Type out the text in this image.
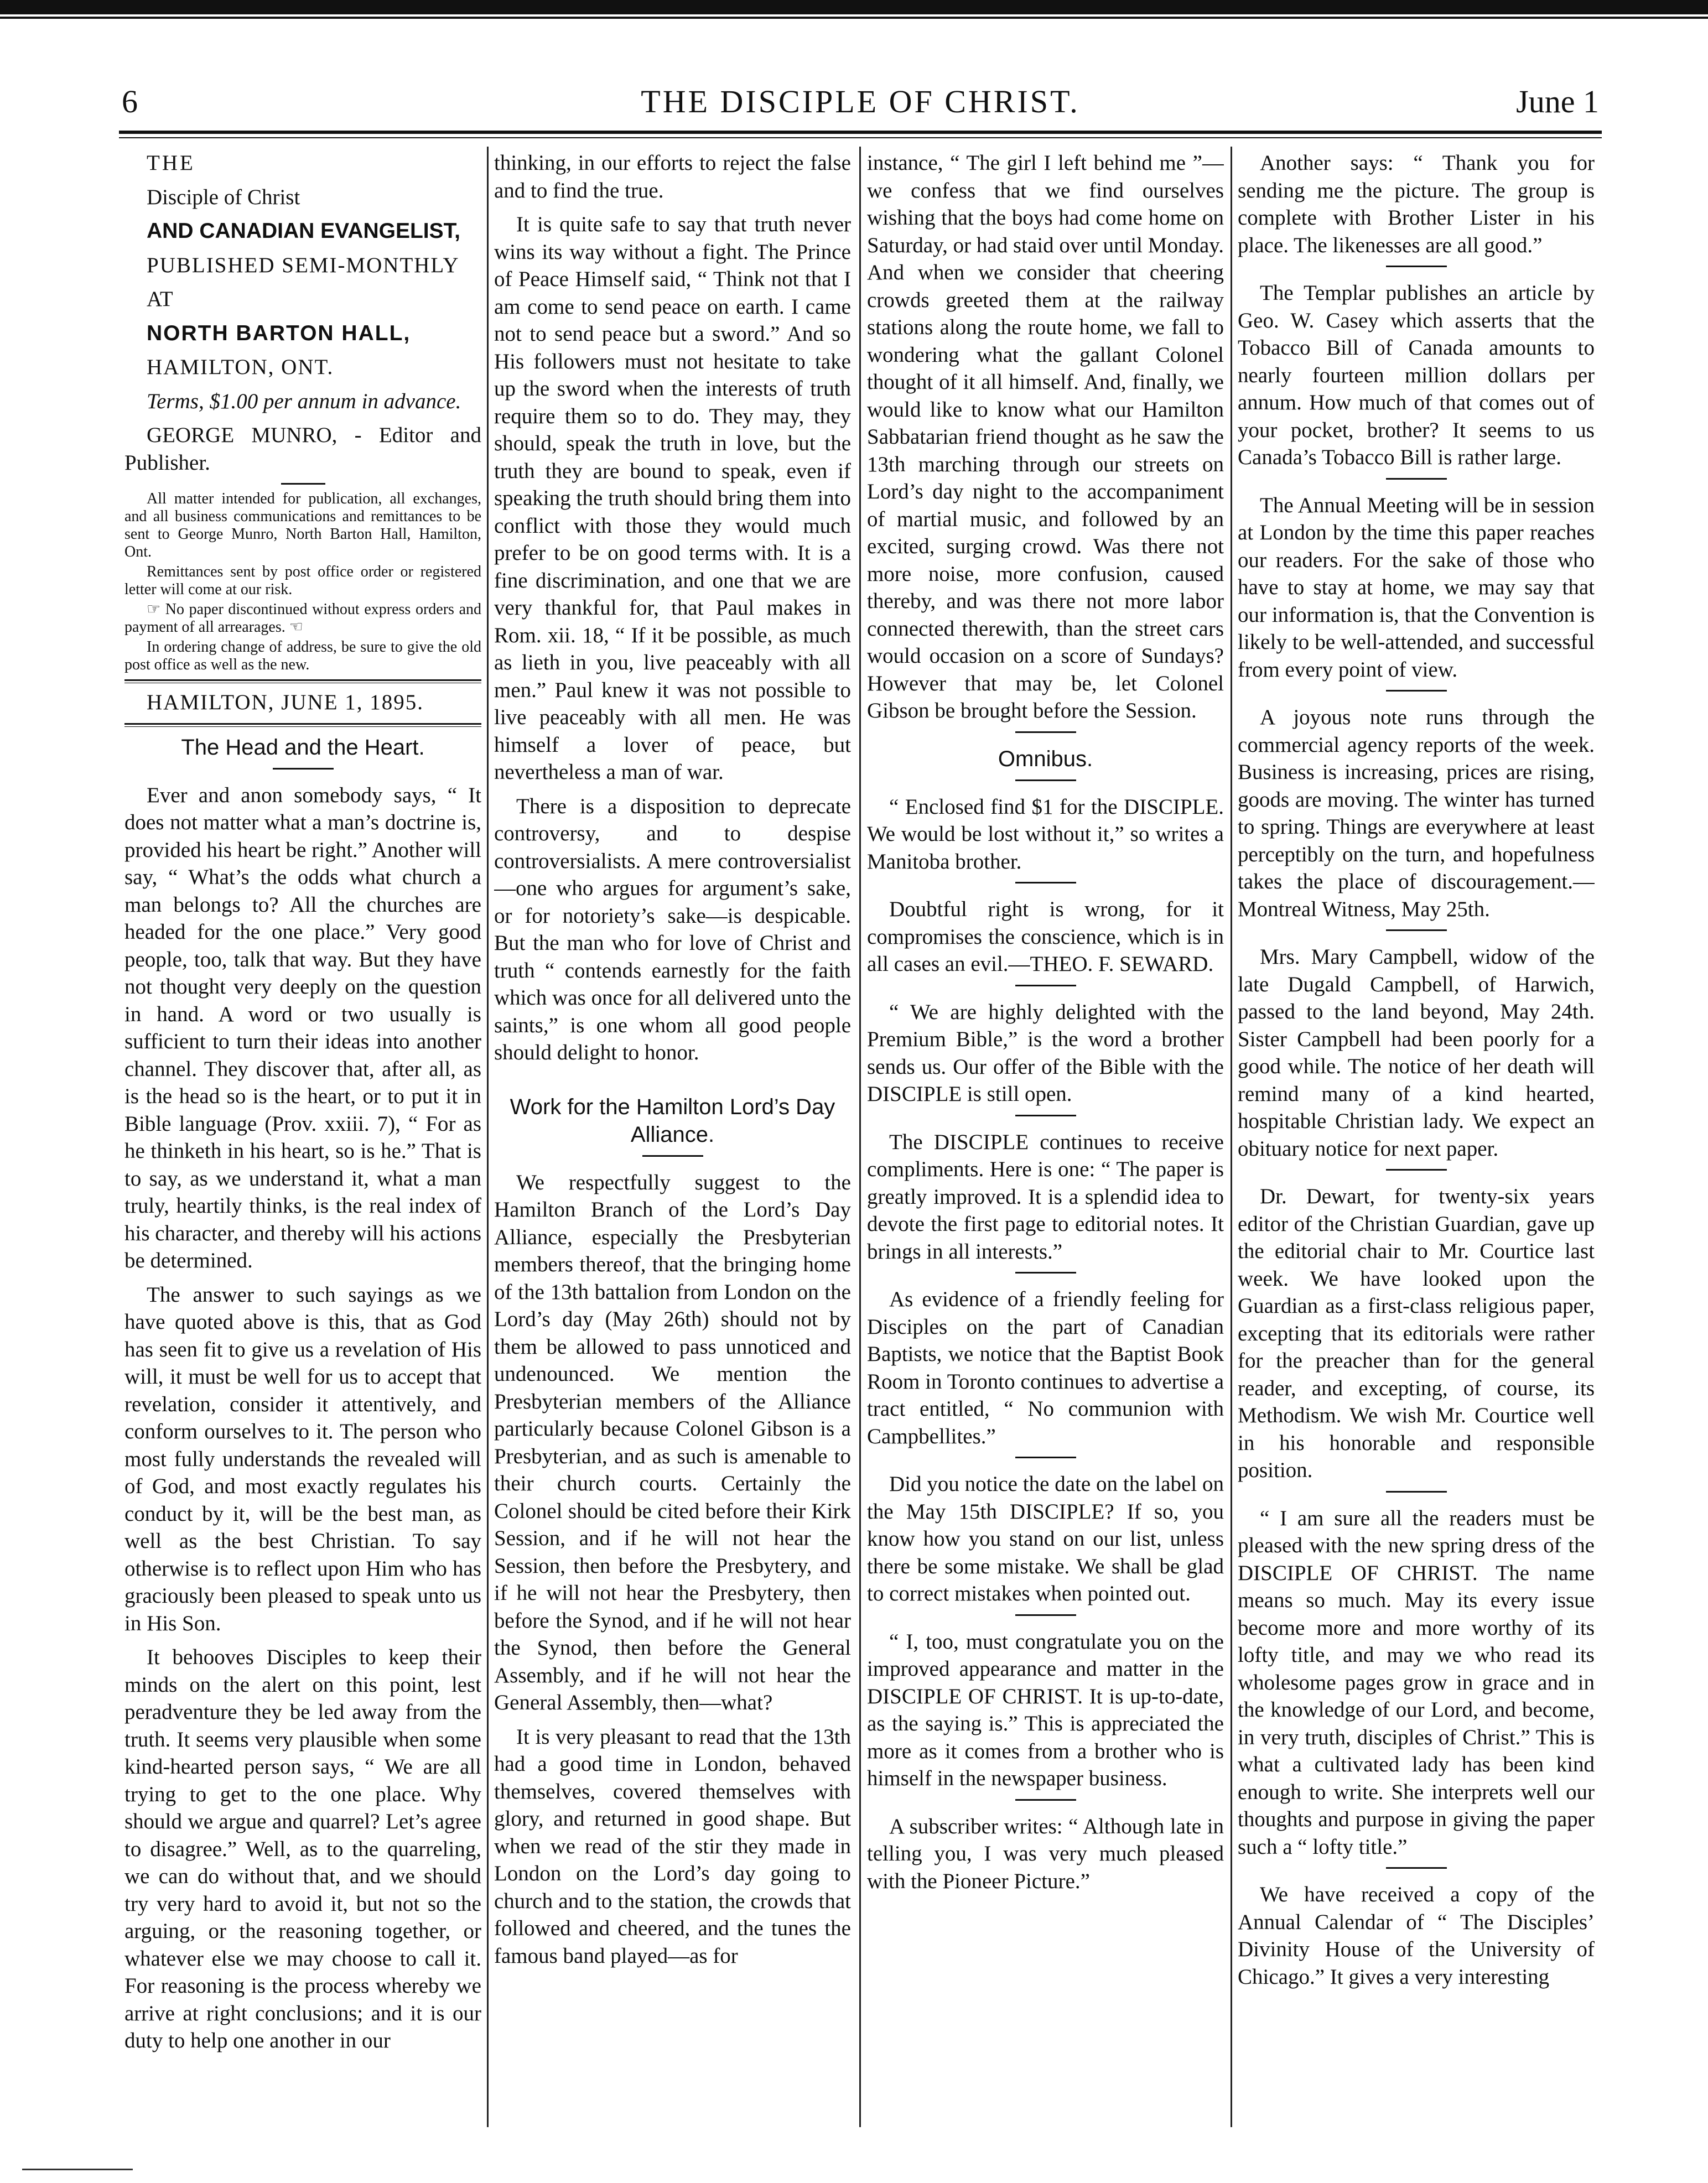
6	THE DISCIPLE OF CHRIST.	June 1

THE

Disciple of Christ

AND CANADIAN EVANGELIST,

PUBLISHED SEMI-MONTHLY

AT

NORTH BARTON HALL,

HAMILTON, ONT.

Terms, $1.00 per annum in advance.

GEORGE MUNRO, - Editor and Publisher.

All matter intended for publication, all exchanges, and all business communications and remittances to be sent to George Munro, North Barton Hall, Hamilton, Ont.

Remittances sent by post office order or registered letter will come at our risk.

☞ No paper discontinued without express orders and payment of all arrearages. ☜

In ordering change of address, be sure to give the old post office as well as the new.

HAMILTON, JUNE 1, 1895.

The Head and the Heart.

Ever and anon somebody says, “ It does not matter what a man’s doctrine is, provided his heart be right.” Another will say, “ What’s the odds what church a man belongs to? All the churches are headed for the one place.” Very good people, too, talk that way. But they have not thought very deeply on the question in hand. A word or two usually is sufficient to turn their ideas into another channel. They discover that, after all, as is the head so is the heart, or to put it in Bible language (Prov. xxiii. 7), “ For as he thinketh in his heart, so is he.” That is to say, as we understand it, what a man truly, heartily thinks, is the real index of his character, and thereby will his actions be determined.

The answer to such sayings as we have quoted above is this, that as God has seen fit to give us a revelation of His will, it must be well for us to accept that revelation, consider it attentively, and conform ourselves to it. The person who most fully understands the revealed will of God, and most exactly regulates his conduct by it, will be the best man, as well as the best Christian. To say otherwise is to reflect upon Him who has graciously been pleased to speak unto us in His Son.

It behooves Disciples to keep their minds on the alert on this point, lest peradventure they be led away from the truth. It seems very plausible when some kind-hearted person says, “ We are all trying to get to the one place. Why should we argue and quarrel? Let’s agree to disagree.” Well, as to the quarreling, we can do without that, and we should try very hard to avoid it, but not so the arguing, or the reasoning together, or whatever else we may choose to call it. For reasoning is the process whereby we arrive at right conclusions; and it is our duty to help one another in our

thinking, in our efforts to reject the false and to find the true.

It is quite safe to say that truth never wins its way without a fight. The Prince of Peace Himself said, “ Think not that I am come to send peace on earth. I came not to send peace but a sword.” And so His followers must not hesitate to take up the sword when the interests of truth require them so to do. They may, they should, speak the truth in love, but the truth they are bound to speak, even if speaking the truth should bring them into conflict with those they would much prefer to be on good terms with. It is a fine discrimination, and one that we are very thankful for, that Paul makes in Rom. xii. 18, “ If it be possible, as much as lieth in you, live peaceably with all men.” Paul knew it was not possible to live peaceably with all men. He was himself a lover of peace, but nevertheless a man of war.

There is a disposition to deprecate controversy, and to despise controversialists. A mere controversialist—one who argues for argument’s sake, or for notoriety’s sake—is despicable. But the man who for love of Christ and truth “ contends earnestly for the faith which was once for all delivered unto the saints,” is one whom all good people should delight to honor.

Work for the Hamilton Lord’s Day Alliance.

We respectfully suggest to the Hamilton Branch of the Lord’s Day Alliance, especially the Presbyterian members thereof, that the bringing home of the 13th battalion from London on the Lord’s day (May 26th) should not by them be allowed to pass unnoticed and undenounced. We mention the Presbyterian members of the Alliance particularly because Colonel Gibson is a Presbyterian, and as such is amenable to their church courts. Certainly the Colonel should be cited before their Kirk Session, and if he will not hear the Session, then before the Presbytery, and if he will not hear the Presbytery, then before the Synod, and if he will not hear the Synod, then before the General Assembly, and if he will not hear the General Assembly, then—what?

It is very pleasant to read that the 13th had a good time in London, behaved themselves, covered themselves with glory, and returned in good shape. But when we read of the stir they made in London on the Lord’s day going to church and to the station, the crowds that followed and cheered, and the tunes the famous band played—as for

instance, “ The girl I left behind me ”— we confess that we find ourselves wishing that the boys had come home on Saturday, or had staid over until Monday. And when we consider that cheering crowds greeted them at the railway stations along the route home, we fall to wondering what the gallant Colonel thought of it all himself. And, finally, we would like to know what our Hamilton Sabbatarian friend thought as he saw the 13th marching through our streets on Lord’s day night to the accompaniment of martial music, and followed by an excited, surging crowd. Was there not more noise, more confusion, caused thereby, and was there not more labor connected therewith, than the street cars would occasion on a score of Sundays? However that may be, let Colonel Gibson be brought before the Session.

Omnibus.

“ Enclosed find $1 for the DISCIPLE. We would be lost without it,” so writes a Manitoba brother.

Doubtful right is wrong, for it compromises the conscience, which is in all cases an evil.—THEO. F. SEWARD.

“ We are highly delighted with the Premium Bible,” is the word a brother sends us. Our offer of the Bible with the DISCIPLE is still open.

The DISCIPLE continues to receive compliments. Here is one: “ The paper is greatly improved. It is a splendid idea to devote the first page to editorial notes. It brings in all interests.”

As evidence of a friendly feeling for Disciples on the part of Canadian Baptists, we notice that the Baptist Book Room in Toronto continues to advertise a tract entitled, “ No communion with Campbellites.”

Did you notice the date on the label on the May 15th DISCIPLE? If so, you know how you stand on our list, unless there be some mistake. We shall be glad to correct mistakes when pointed out.

“ I, too, must congratulate you on the improved appearance and matter in the DISCIPLE OF CHRIST. It is up-to-date, as the saying is.” This is appreciated the more as it comes from a brother who is himself in the newspaper business.

A subscriber writes: “ Although late in telling you, I was very much pleased with the Pioneer Picture.”

Another says: “ Thank you for sending me the picture. The group is complete with Brother Lister in his place. The likenesses are all good.”

The Templar publishes an article by Geo. W. Casey which asserts that the Tobacco Bill of Canada amounts to nearly fourteen million dollars per annum. How much of that comes out of your pocket, brother? It seems to us Canada’s Tobacco Bill is rather large.

The Annual Meeting will be in session at London by the time this paper reaches our readers. For the sake of those who have to stay at home, we may say that our information is, that the Convention is likely to be well-attended, and successful from every point of view.

A joyous note runs through the commercial agency reports of the week. Business is increasing, prices are rising, goods are moving. The winter has turned to spring. Things are everywhere at least perceptibly on the turn, and hopefulness takes the place of discouragement.—Montreal Witness, May 25th.

Mrs. Mary Campbell, widow of the late Dugald Campbell, of Harwich, passed to the land beyond, May 24th. Sister Campbell had been poorly for a good while. The notice of her death will remind many of a kind hearted, hospitable Christian lady. We expect an obituary notice for next paper.

Dr. Dewart, for twenty-six years editor of the Christian Guardian, gave up the editorial chair to Mr. Courtice last week. We have looked upon the Guardian as a first-class religious paper, excepting that its editorials were rather for the preacher than for the general reader, and excepting, of course, its Methodism. We wish Mr. Courtice well in his honorable and responsible position.

“ I am sure all the readers must be pleased with the new spring dress of the DISCIPLE OF CHRIST. The name means so much. May its every issue become more and more worthy of its lofty title, and may we who read its wholesome pages grow in grace and in the knowledge of our Lord, and become, in very truth, disciples of Christ.” This is what a cultivated lady has been kind enough to write. She interprets well our thoughts and purpose in giving the paper such a “ lofty title.”

We have received a copy of the Annual Calendar of “ The Disciples’ Divinity House of the University of Chicago.” It gives a very interesting
